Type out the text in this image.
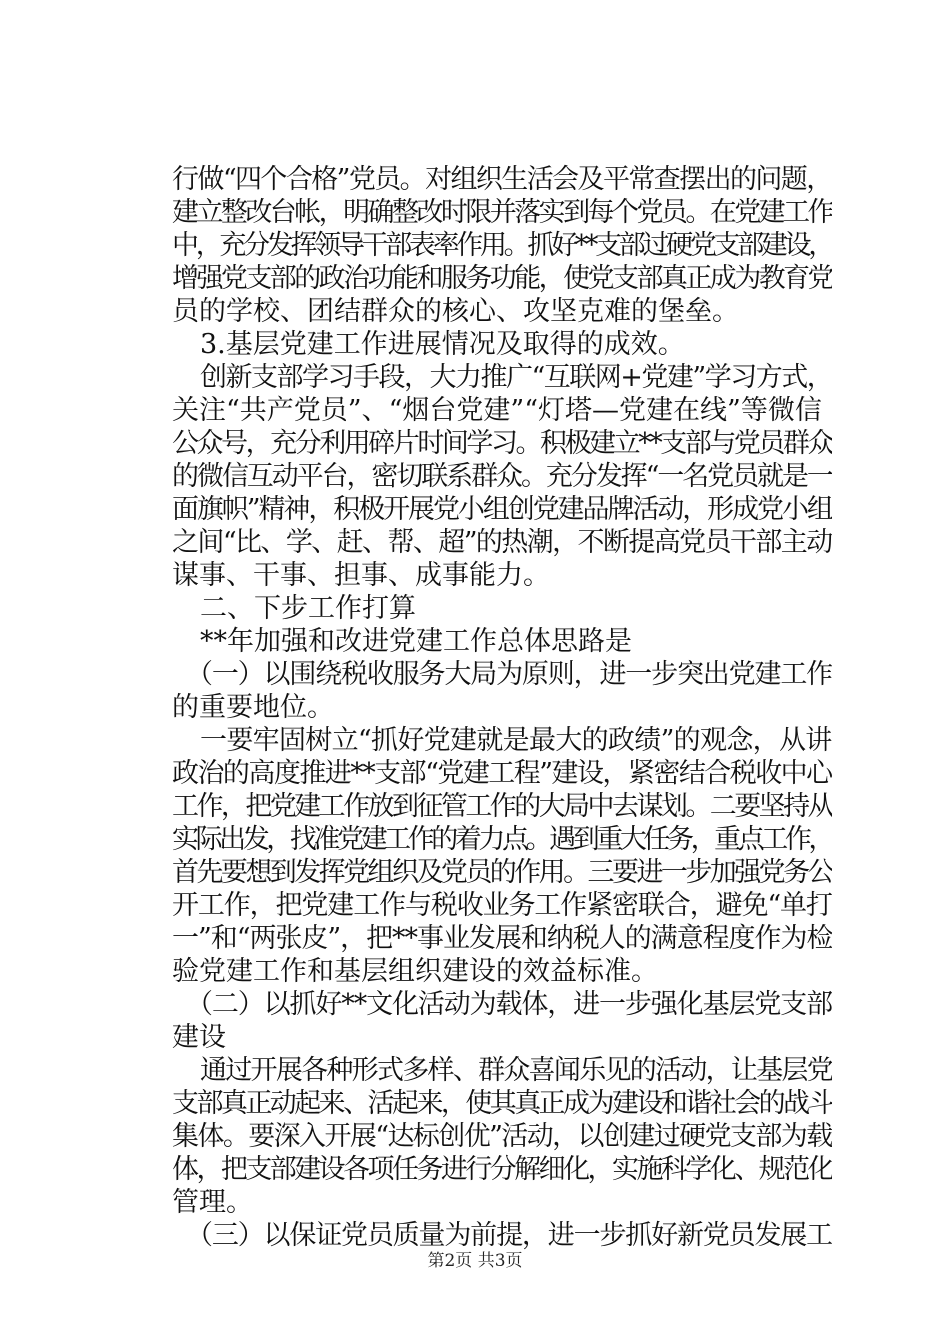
行做“四个合格”党员。对组织生活会及平常查摆出的问题，
建立整改台帐，明确整改时限并落实到每个党员。在党建工作
中，充分发挥领导干部表率作用。抓好**支部过硬党支部建设，
增强党支部的政治功能和服务功能，使党支部真正成为教育党
员的学校、团结群众的核心、攻坚克难的堡垒。
3.基层党建工作进展情况及取得的成效。
创新支部学习手段，大力推广“互联网+党建”学习方式，
关注“共产党员”、“烟台党建”“灯塔—党建在线”等微信
公众号，充分利用碎片时间学习。积极建立**支部与党员群众
的微信互动平台，密切联系群众。充分发挥“一名党员就是一
面旗帜”精神，积极开展党小组创党建品牌活动，形成党小组
之间“比、学、赶、帮、超”的热潮，不断提高党员干部主动
谋事、干事、担事、成事能力。
二、下步工作打算
**年加强和改进党建工作总体思路是
（一）以围绕税收服务大局为原则，进一步突出党建工作
的重要地位。
一要牢固树立“抓好党建就是最大的政绩”的观念，从讲
政治的高度推进**支部“党建工程”建设，紧密结合税收中心
工作，把党建工作放到征管工作的大局中去谋划。二要坚持从
实际出发，找准党建工作的着力点。遇到重大任务，重点工作，
首先要想到发挥党组织及党员的作用。三要进一步加强党务公
开工作，把党建工作与税收业务工作紧密联合，避免“单打
一”和“两张皮”，把**事业发展和纳税人的满意程度作为检
验党建工作和基层组织建设的效益标准。
（二）以抓好**文化活动为载体，进一步强化基层党支部
建设
通过开展各种形式多样、群众喜闻乐见的活动，让基层党
支部真正动起来、活起来，使其真正成为建设和谐社会的战斗
集体。要深入开展“达标创优”活动，以创建过硬党支部为载
体，把支部建设各项任务进行分解细化，实施科学化、规范化
管理。
（三）以保证党员质量为前提，进一步抓好新党员发展工
第2页 共3页
